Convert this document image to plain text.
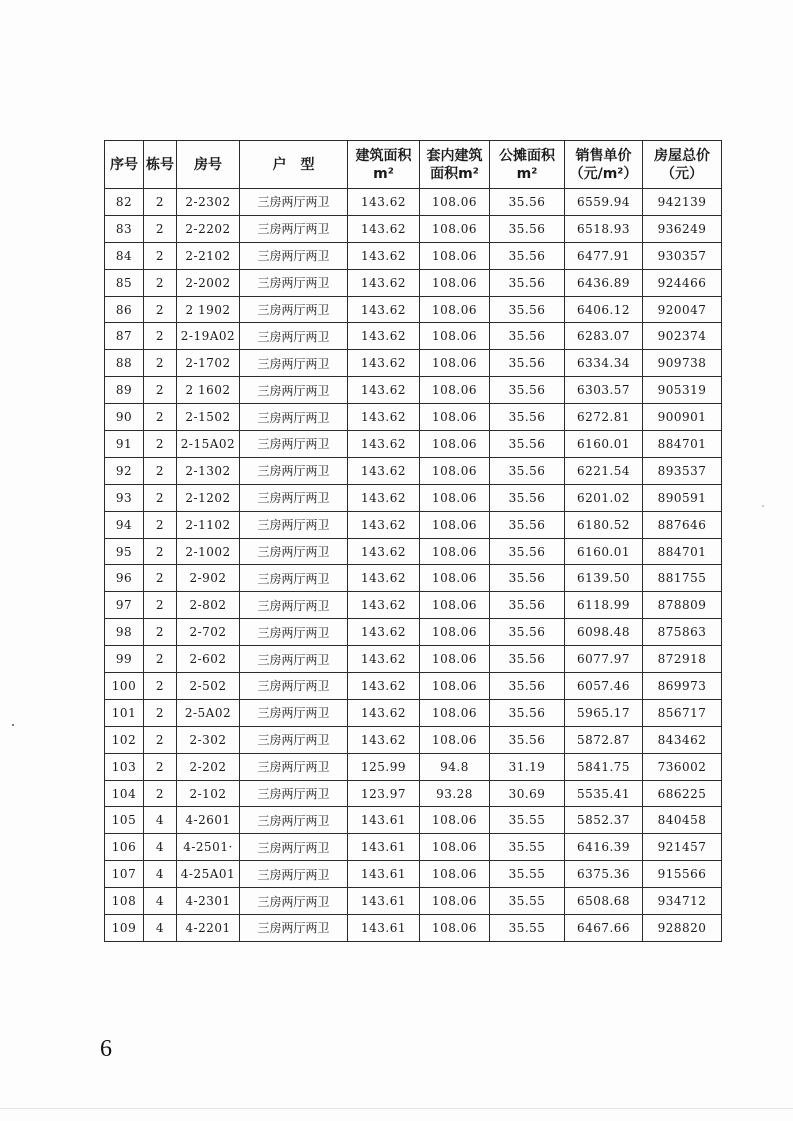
序号	栋号	房号	户　型	建筑面积m²	套内建筑面积m²	公摊面积m²	销售单价（元/m²）	房屋总价（元）
82	2	2-2302	三房两厅两卫	143.62	108.06	35.56	6559.94	942139
83	2	2-2202	三房两厅两卫	143.62	108.06	35.56	6518.93	936249
84	2	2-2102	三房两厅两卫	143.62	108.06	35.56	6477.91	930357
85	2	2-2002	三房两厅两卫	143.62	108.06	35.56	6436.89	924466
86	2	2 1902	三房两厅两卫	143.62	108.06	35.56	6406.12	920047
87	2	2-19A02	三房两厅两卫	143.62	108.06	35.56	6283.07	902374
88	2	2-1702	三房两厅两卫	143.62	108.06	35.56	6334.34	909738
89	2	2 1602	三房两厅两卫	143.62	108.06	35.56	6303.57	905319
90	2	2-1502	三房两厅两卫	143.62	108.06	35.56	6272.81	900901
91	2	2-15A02	三房两厅两卫	143.62	108.06	35.56	6160.01	884701
92	2	2-1302	三房两厅两卫	143.62	108.06	35.56	6221.54	893537
93	2	2-1202	三房两厅两卫	143.62	108.06	35.56	6201.02	890591
94	2	2-1102	三房两厅两卫	143.62	108.06	35.56	6180.52	887646
95	2	2-1002	三房两厅两卫	143.62	108.06	35.56	6160.01	884701
96	2	2-902	三房两厅两卫	143.62	108.06	35.56	6139.50	881755
97	2	2-802	三房两厅两卫	143.62	108.06	35.56	6118.99	878809
98	2	2-702	三房两厅两卫	143.62	108.06	35.56	6098.48	875863
99	2	2-602	三房两厅两卫	143.62	108.06	35.56	6077.97	872918
100	2	2-502	三房两厅两卫	143.62	108.06	35.56	6057.46	869973
101	2	2-5A02	三房两厅两卫	143.62	108.06	35.56	5965.17	856717
102	2	2-302	三房两厅两卫	143.62	108.06	35.56	5872.87	843462
103	2	2-202	三房两厅两卫	125.99	94.8	31.19	5841.75	736002
104	2	2-102	三房两厅两卫	123.97	93.28	30.69	5535.41	686225
105	4	4-2601	三房两厅两卫	143.61	108.06	35.55	5852.37	840458
106	4	4-2501·	三房两厅两卫	143.61	108.06	35.55	6416.39	921457
107	4	4-25A01	三房两厅两卫	143.61	108.06	35.55	6375.36	915566
108	4	4-2301	三房两厅两卫	143.61	108.06	35.55	6508.68	934712
109	4	4-2201	三房两厅两卫	143.61	108.06	35.55	6467.66	928820
6
